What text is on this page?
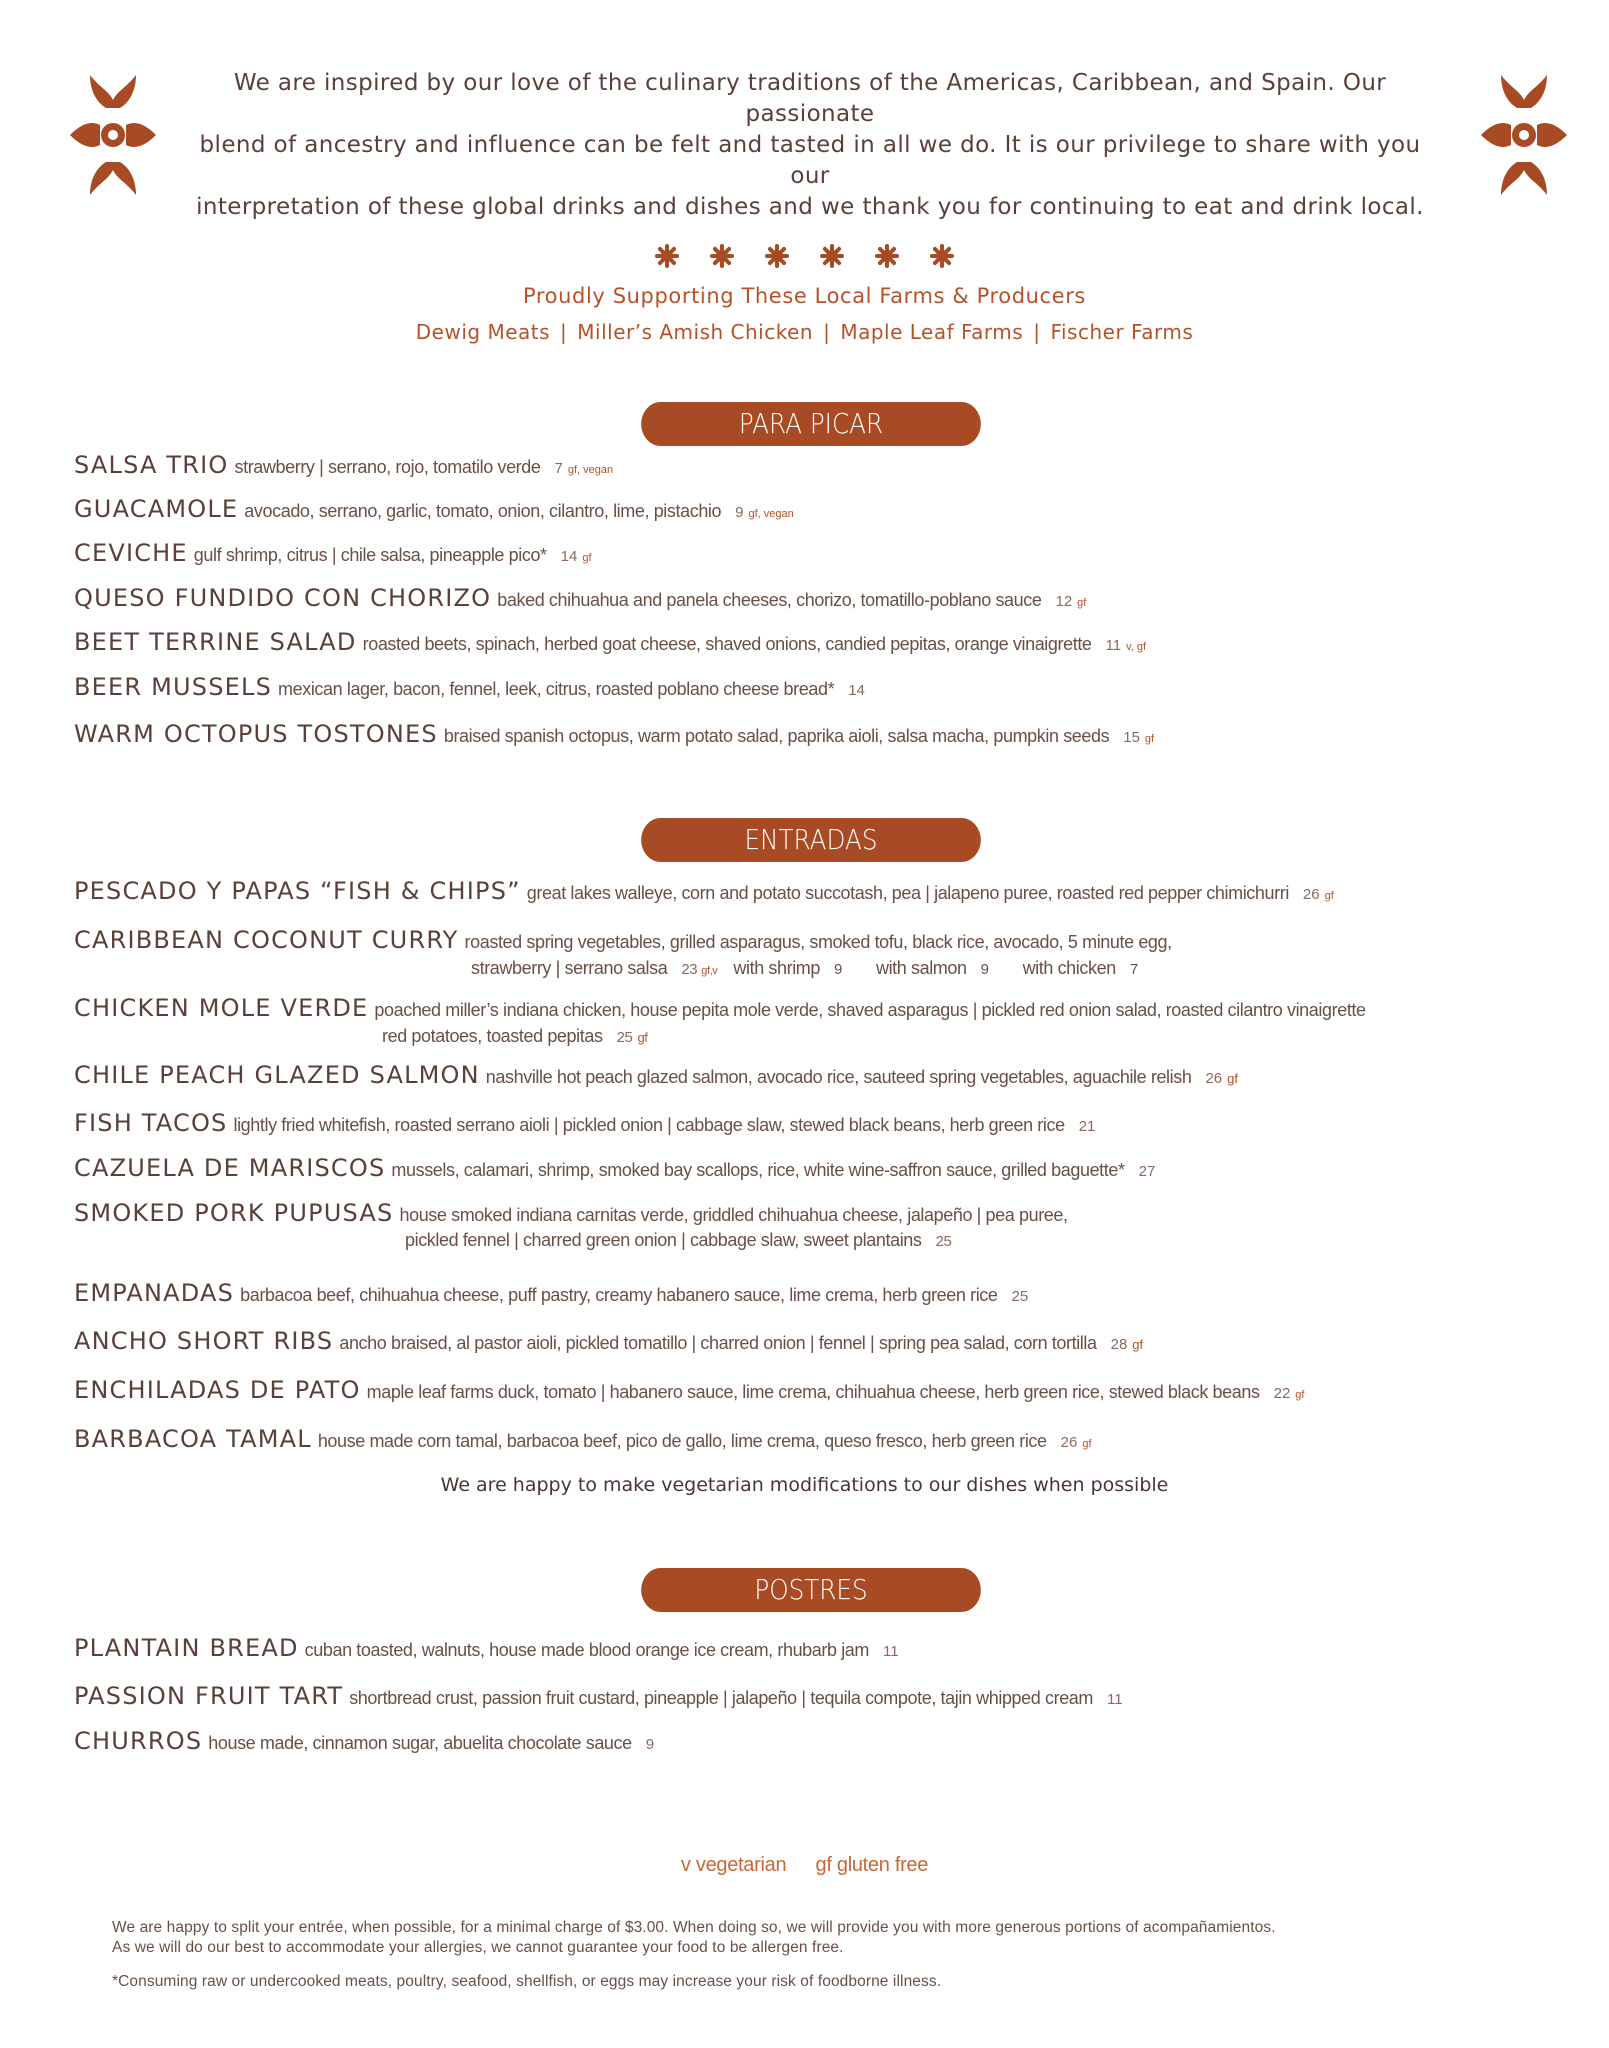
We are inspired by our love of the culinary traditions of the Americas, Caribbean, and Spain. Our passionate
blend of ancestry and influence can be felt and tasted in all we do. It is our privilege to share with you our
interpretation of these global drinks and dishes and we thank you for continuing to eat and drink local.

Proudly Supporting These Local Farms & Producers
Dewig Meats | Miller’s Amish Chicken | Maple Leaf Farms | Fischer Farms
PARA PICAR
SALSA TRIO strawberry | serrano, rojo, tomatilo verde 7 gf, vegan
GUACAMOLE avocado, serrano, garlic, tomato, onion, cilantro, lime, pistachio 9 gf, vegan
CEVICHE gulf shrimp, citrus | chile salsa, pineapple pico* 14 gf
QUESO FUNDIDO CON CHORIZO baked chihuahua and panela cheeses, chorizo, tomatillo-poblano sauce 12 gf
BEET TERRINE SALAD roasted beets, spinach, herbed goat cheese, shaved onions, candied pepitas, orange vinaigrette 11 v, gf
BEER MUSSELS mexican lager, bacon, fennel, leek, citrus, roasted poblano cheese bread* 14
WARM OCTOPUS TOSTONES braised spanish octopus, warm potato salad, paprika aioli, salsa macha, pumpkin seeds 15 gf
ENTRADAS
PESCADO Y PAPAS “FISH & CHIPS” great lakes walleye, corn and potato succotash, pea | jalapeno puree, roasted red pepper chimichurri 26 gf
CARIBBEAN COCONUT CURRY roasted spring vegetables, grilled asparagus, smoked tofu, black rice, avocado, 5 minute egg,
strawberry | serrano salsa 23 gf,v with shrimp 9 with salmon 9 with chicken 7
CHICKEN MOLE VERDE poached miller’s indiana chicken, house pepita mole verde, shaved asparagus | pickled red onion salad, roasted cilantro vinaigrette
red potatoes, toasted pepitas 25 gf
CHILE PEACH GLAZED SALMON nashville hot peach glazed salmon, avocado rice, sauteed spring vegetables, aguachile relish 26 gf
FISH TACOS lightly fried whitefish, roasted serrano aioli | pickled onion | cabbage slaw, stewed black beans, herb green rice 21
CAZUELA DE MARISCOS mussels, calamari, shrimp, smoked bay scallops, rice, white wine-saffron sauce, grilled baguette* 27
SMOKED PORK PUPUSAS house smoked indiana carnitas verde, griddled chihuahua cheese, jalapeño | pea puree,
pickled fennel | charred green onion | cabbage slaw, sweet plantains 25
EMPANADAS barbacoa beef, chihuahua cheese, puff pastry, creamy habanero sauce, lime crema, herb green rice 25
ANCHO SHORT RIBS ancho braised, al pastor aioli, pickled tomatillo | charred onion | fennel | spring pea salad, corn tortilla 28 gf
ENCHILADAS DE PATO maple leaf farms duck, tomato | habanero sauce, lime crema, chihuahua cheese, herb green rice, stewed black beans 22 gf
BARBACOA TAMAL house made corn tamal, barbacoa beef, pico de gallo, lime crema, queso fresco, herb green rice 26 gf
We are happy to make vegetarian modifications to our dishes when possible
POSTRES
PLANTAIN BREAD cuban toasted, walnuts, house made blood orange ice cream, rhubarb jam 11
PASSION FRUIT TART shortbread crust, passion fruit custard, pineapple | jalapeño | tequila compote, tajin whipped cream 11
CHURROS house made, cinnamon sugar, abuelita chocolate sauce 9
v vegetarian gf gluten free
We are happy to split your entrée, when possible, for a minimal charge of $3.00. When doing so, we will provide you with more generous portions of acompañamientos.
As we will do our best to accommodate your allergies, we cannot guarantee your food to be allergen free.
*Consuming raw or undercooked meats, poultry, seafood, shellfish, or eggs may increase your risk of foodborne illness.
